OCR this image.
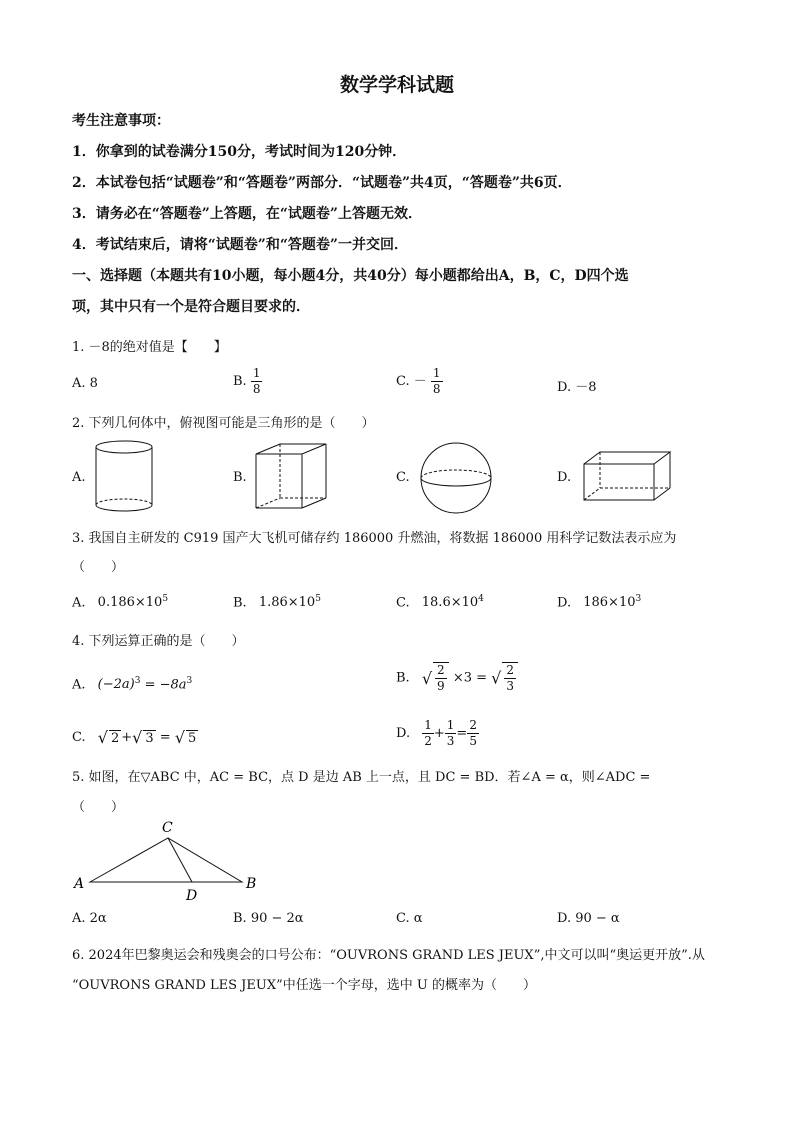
数学学科试题
考生注意事项：
1．你拿到的试卷满分150分，考试时间为120分钟．
2．本试卷包括“试题卷”和“答题卷”两部分．“试题卷”共4页，“答题卷”共6页．
3．请务必在“答题卷”上答题，在“试题卷”上答题无效．
4．考试结束后，请将“试题卷”和“答题卷”一并交回．
一、选择题（本题共有10小题，每小题4分，共40分）每小题都给出A，B，C，D四个选
项，其中只有一个是符合题目要求的．
1. －8的绝对值是【　　】
A. 8	B. $\frac{1}{8}$	C. － $\frac{1}{8}$	D. －8
2. 下列几何体中，俯视图可能是三角形的是（　　）
A.	B.	C.	D.
3. 我国自主研发的 C919 国产大飞机可储存约 186000 升燃油，将数据 186000 用科学记数法表示应为
（　　）
A. $0.186\times 10^5$	B. $1.86\times 10^5$	C. $18.6\times 10^4$	D. $186\times 10^3$
4. 下列运算正确的是（　　）
A. $(-2a)^3 = -8a^3$	B. √ $\frac{2}{9} \times 3$ = √ $\frac{2}{3}$
C. √ 2 +√ 3 = √ 5	D. $\frac{1}{2} + \frac{1}{3} = \frac{2}{5}$
5. 如图，在▽ABC 中，AC = BC，点 D 是边 AB 上一点，且 DC = BD．若∠A = α，则∠ADC =
（　　）
A	B
C
D
A. 2α	B. 90 − 2α	C. α	D. 90 − α
6. 2024年巴黎奥运会和残奥会的口号公布：“OUVRONS GRAND LES JEUX”,中文可以叫“奥运更开放”.从
“OUVRONS GRAND LES JEUX”中任选一个字母，选中 U 的概率为（　　）
